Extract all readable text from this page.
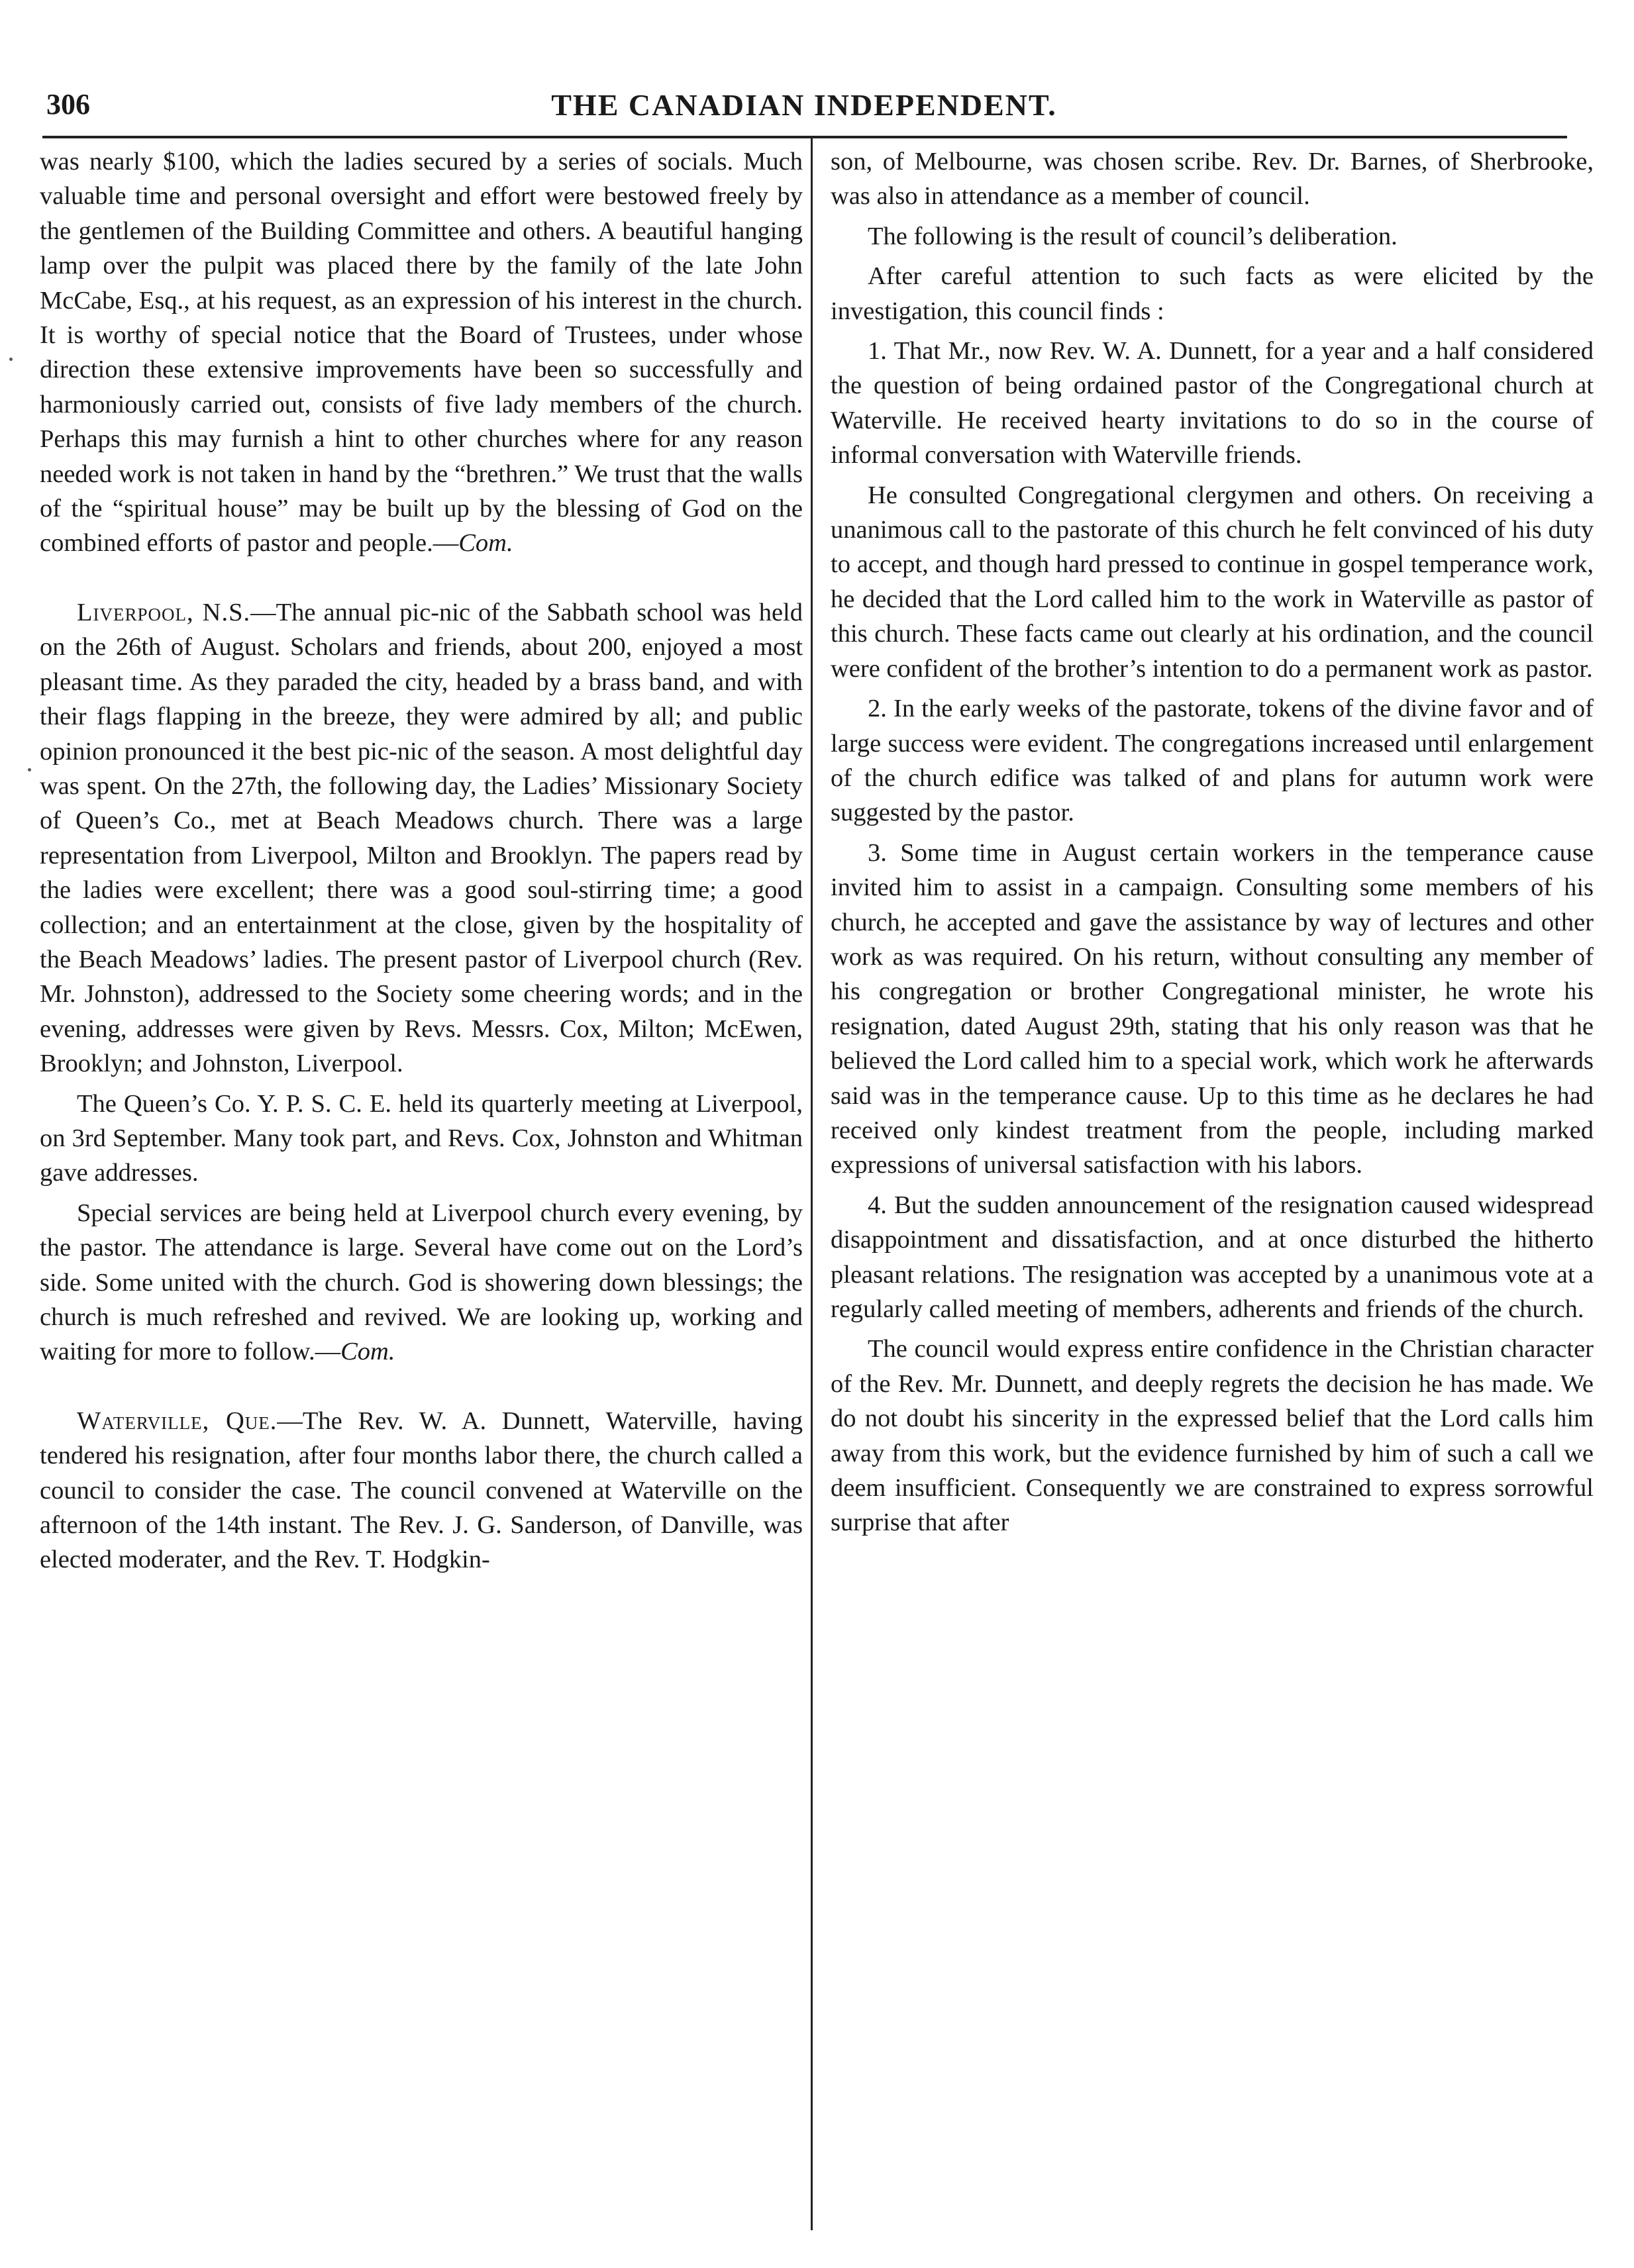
306	THE CANADIAN INDEPENDENT.

was nearly $100, which the ladies secured by a series of socials. Much valuable time and personal oversight and effort were bestowed freely by the gentlemen of the Building Committee and others. A beautiful hanging lamp over the pulpit was placed there by the family of the late John McCabe, Esq., at his request, as an expression of his interest in the church. It is worthy of special notice that the Board of Trustees, under whose direction these extensive improvements have been so successfully and harmoniously carried out, consists of five lady members of the church. Perhaps this may furnish a hint to other churches where for any reason needed work is not taken in hand by the “brethren.” We trust that the walls of the “spiritual house” may be built up by the blessing of God on the combined efforts of pastor and people.—Com.

Liverpool, N.S.—The annual pic-nic of the Sabbath school was held on the 26th of August. Scholars and friends, about 200, enjoyed a most pleasant time. As they paraded the city, headed by a brass band, and with their flags flapping in the breeze, they were admired by all; and public opinion pronounced it the best pic-nic of the season. A most delightful day was spent. On the 27th, the following day, the Ladies’ Missionary Society of Queen’s Co., met at Beach Meadows church. There was a large representation from Liverpool, Milton and Brooklyn. The papers read by the ladies were excellent; there was a good soul-stirring time; a good collection; and an entertainment at the close, given by the hospitality of the Beach Meadows’ ladies. The present pastor of Liverpool church (Rev. Mr. Johnston), addressed to the Society some cheering words; and in the evening, addresses were given by Revs. Messrs. Cox, Milton; McEwen, Brooklyn; and Johnston, Liverpool.

The Queen’s Co. Y. P. S. C. E. held its quarterly meeting at Liverpool, on 3rd September. Many took part, and Revs. Cox, Johnston and Whitman gave addresses.

Special services are being held at Liverpool church every evening, by the pastor. The attendance is large. Several have come out on the Lord’s side. Some united with the church. God is showering down blessings; the church is much refreshed and revived. We are looking up, working and waiting for more to follow.—Com.

Waterville, Que.—The Rev. W. A. Dunnett, Waterville, having tendered his resignation, after four months labor there, the church called a council to consider the case. The council convened at Waterville on the afternoon of the 14th instant. The Rev. J. G. Sanderson, of Danville, was elected moderater, and the Rev. T. Hodgkin-

son, of Melbourne, was chosen scribe. Rev. Dr. Barnes, of Sherbrooke, was also in attendance as a member of council.

The following is the result of council’s deliberation.

After careful attention to such facts as were elicited by the investigation, this council finds :

1. That Mr., now Rev. W. A. Dunnett, for a year and a half considered the question of being ordained pastor of the Congregational church at Waterville. He received hearty invitations to do so in the course of informal conversation with Waterville friends.

He consulted Congregational clergymen and others. On receiving a unanimous call to the pastorate of this church he felt convinced of his duty to accept, and though hard pressed to continue in gospel temperance work, he decided that the Lord called him to the work in Waterville as pastor of this church. These facts came out clearly at his ordination, and the council were confident of the brother’s intention to do a permanent work as pastor.

2. In the early weeks of the pastorate, tokens of the divine favor and of large success were evident. The congregations increased until enlargement of the church edifice was talked of and plans for autumn work were suggested by the pastor.

3. Some time in August certain workers in the temperance cause invited him to assist in a campaign. Consulting some members of his church, he accepted and gave the assistance by way of lectures and other work as was required. On his return, without consulting any member of his congregation or brother Congregational minister, he wrote his resignation, dated August 29th, stating that his only reason was that he believed the Lord called him to a special work, which work he afterwards said was in the temperance cause. Up to this time as he declares he had received only kindest treatment from the people, including marked expressions of universal satisfaction with his labors.

4. But the sudden announcement of the resignation caused widespread disappointment and dissatisfaction, and at once disturbed the hitherto pleasant relations. The resignation was accepted by a unanimous vote at a regularly called meeting of members, adherents and friends of the church.

The council would express entire confidence in the Christian character of the Rev. Mr. Dunnett, and deeply regrets the decision he has made. We do not doubt his sincerity in the expressed belief that the Lord calls him away from this work, but the evidence furnished by him of such a call we deem insufficient. Consequently we are constrained to express sorrowful surprise that after
